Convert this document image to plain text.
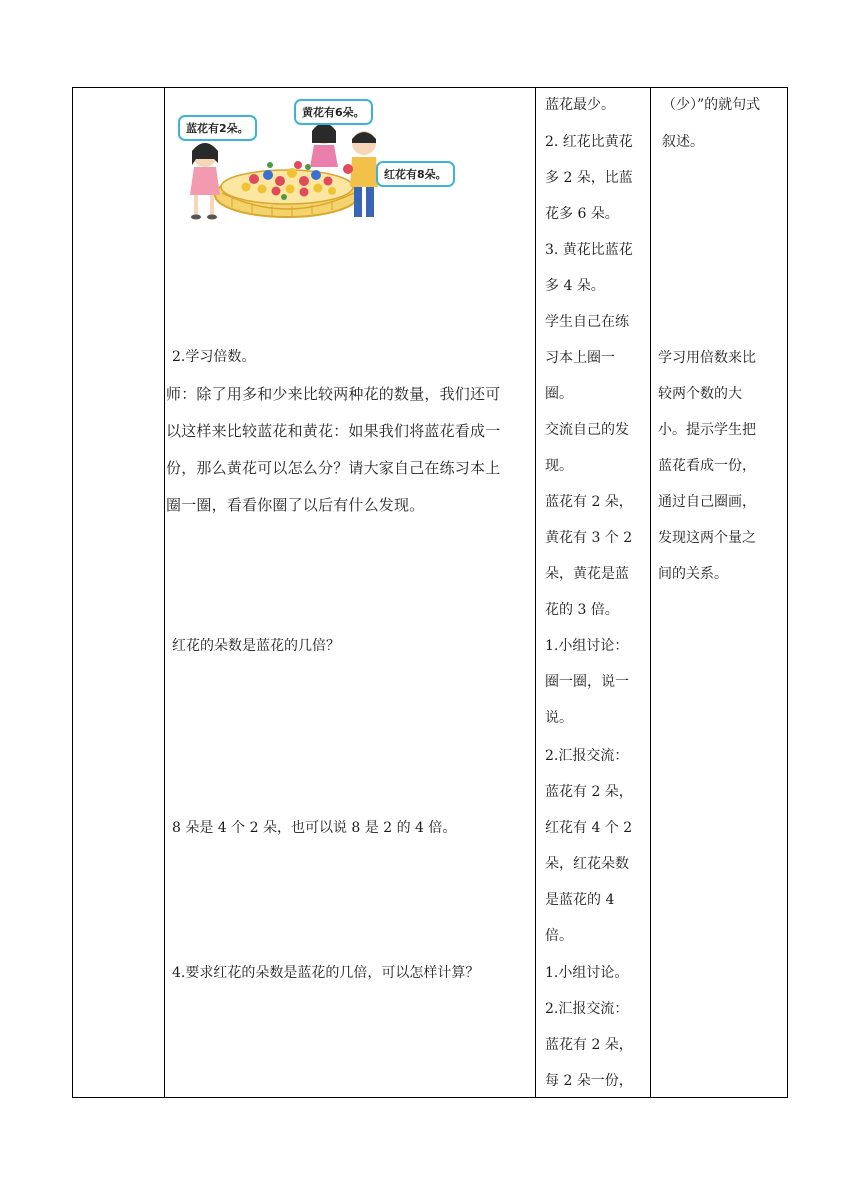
蓝花有2朵。
黄花有6朵。
红花有8朵。
2.学习倍数。
师：除了用多和少来比较两种花的数量，我们还可
以这样来比较蓝花和黄花：如果我们将蓝花看成一
份，那么黄花可以怎么分？请大家自己在练习本上
圈一圈，看看你圈了以后有什么发现。
红花的朵数是蓝花的几倍？
8 朵是 4 个 2 朵，也可以说 8 是 2 的 4 倍。
4.要求红花的朵数是蓝花的几倍，可以怎样计算？
蓝花最少。
2. 红花比黄花
多 2 朵，比蓝
花多 6 朵。
3. 黄花比蓝花
多 4 朵。
学生自己在练
习本上圈一
圈。
交流自己的发
现。
蓝花有 2 朵，
黄花有 3 个 2
朵，黄花是蓝
花的 3 倍。
1.小组讨论：
圈一圈，说一
说。
2.汇报交流：
蓝花有 2 朵，
红花有 4 个 2
朵，红花朵数
是蓝花的 4
倍。
1.小组讨论。
2.汇报交流：
蓝花有 2 朵，
每 2 朵一份，
（少）”的就句式
叙述。
学习用倍数来比
较两个数的大
小。提示学生把
蓝花看成一份，
通过自己圈画，
发现这两个量之
间的关系。
